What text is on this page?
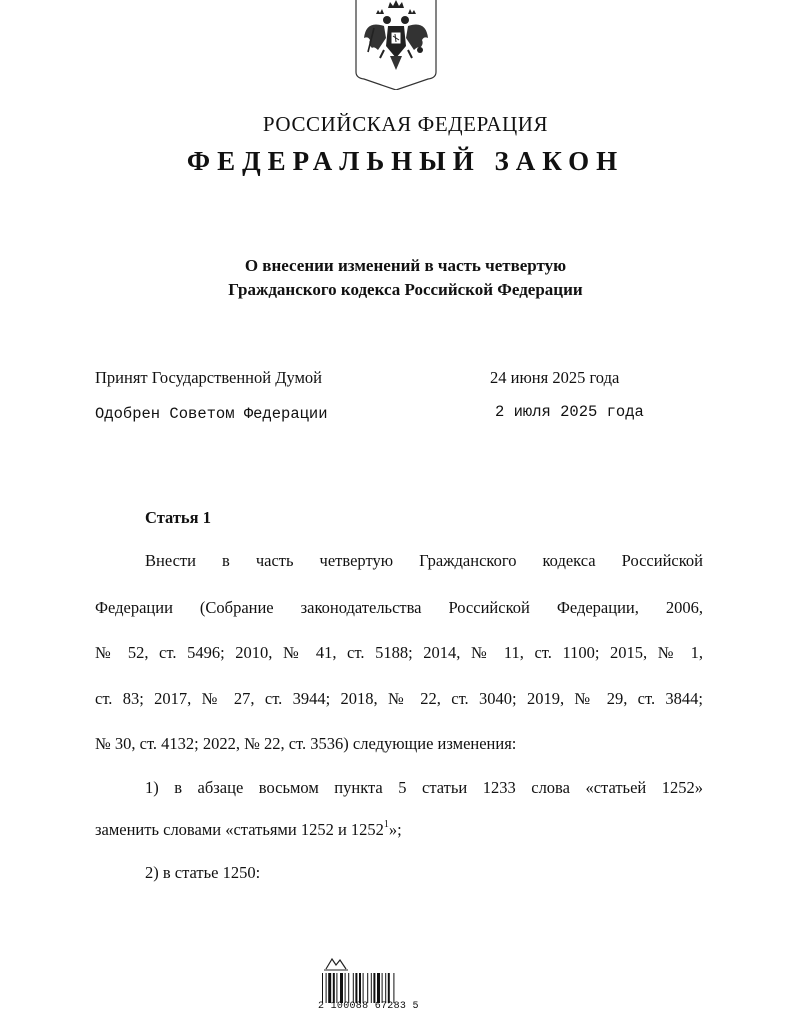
РОССИЙСКАЯ ФЕДЕРАЦИЯ
ФЕДЕРАЛЬНЫЙ ЗАКОН
О внесении изменений в часть четвертую
Гражданского кодекса Российской Федерации
Принят Государственной Думой	24 июня 2025 года
Одобрен Советом Федерации	2 июля 2025 года
Статья 1
Внести в часть четвертую Гражданского кодекса Российской
Федерации (Собрание законодательства Российской Федерации, 2006,
№ 52, ст. 5496; 2010, № 41, ст. 5188; 2014, № 11, ст. 1100; 2015, № 1,
ст. 83; 2017, № 27, ст. 3944; 2018, № 22, ст. 3040; 2019, № 29, ст. 3844;
№ 30, ст. 4132; 2022, № 22, ст. 3536) следующие изменения:
1) в абзаце восьмом пункта 5 статьи 1233 слова «статьей 1252»
заменить словами «статьями 1252 и 1252$^1$»;
2) в статье 1250:
2 100088 67283 5
